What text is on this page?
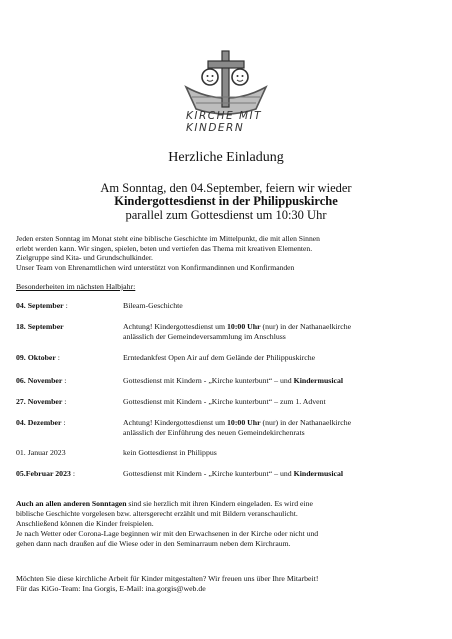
KIRCHE MIT
KINDERN
Herzliche Einladung
Am Sonntag, den 04.September, feiern wir wieder
Kindergottesdienst in der Philippuskirche
parallel zum Gottesdienst um 10:30 Uhr
Jeden ersten Sonntag im Monat steht eine biblische Geschichte im Mittelpunkt, die mit allen Sinnen
erlebt werden kann. Wir singen, spielen, beten und vertiefen das Thema mit kreativen Elementen.
Zielgruppe sind Kita- und Grundschulkinder.
Unser Team von Ehrenamtlichen wird unterstützt von Konfirmandinnen und Konfirmanden
Besonderheiten im nächsten Halbjahr:
04. September :	Bileam-Geschichte
18. September	Achtung! Kindergottesdienst um 10:00 Uhr (nur) in der Nathanaelkirche
anlässlich der Gemeindeversammlung im Anschluss
09. Oktober :	Erntedankfest Open Air auf dem Gelände der Philippuskirche
06. November :	Gottesdienst mit Kindern - „Kirche kunterbunt“ – und Kindermusical
27. November :	Gottesdienst mit Kindern - „Kirche kunterbunt“ – zum 1. Advent
04. Dezember :	Achtung! Kindergottesdienst um 10:00 Uhr (nur) in der Nathanaelkirche
anlässlich der Einführung des neuen Gemeindekirchenrats
01. Januar 2023	kein Gottesdienst in Philippus
05.Februar 2023 :	Gottesdienst mit Kindern - „Kirche kunterbunt“ – und Kindermusical
Auch an allen anderen Sonntagen sind sie herzlich mit ihren Kindern eingeladen. Es wird eine
biblische Geschichte vorgelesen bzw. altersgerecht erzählt und mit Bildern veranschaulicht.
Anschließend können die Kinder freispielen.
Je nach Wetter oder Corona-Lage beginnen wir mit den Erwachsenen in der Kirche oder nicht und
gehen dann nach draußen auf die Wiese oder in den Seminarraum neben dem Kirchraum.
Möchten Sie diese kirchliche Arbeit für Kinder mitgestalten? Wir freuen uns über Ihre Mitarbeit!
Für das KiGo-Team: Ina Gorgis, E-Mail: ina.gorgis@web.de
